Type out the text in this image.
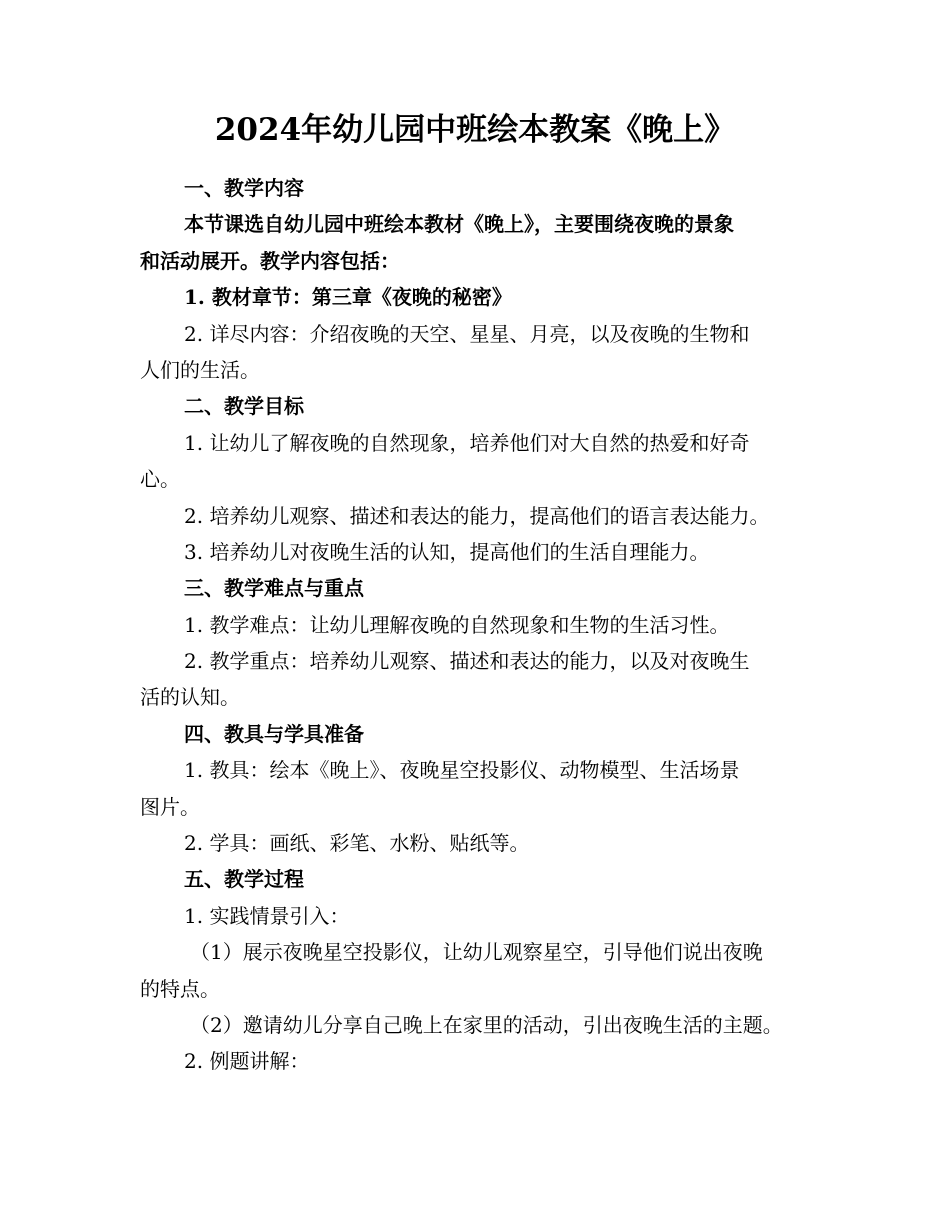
2024年幼儿园中班绘本教案《晚上》
一、教学内容
本节课选自幼儿园中班绘本教材《晚上》，主要围绕夜晚的景象
和活动展开。教学内容包括：
1. 教材章节：第三章《夜晚的秘密》
2. 详尽内容：介绍夜晚的天空、星星、月亮，以及夜晚的生物和
人们的生活。
二、教学目标
1. 让幼儿了解夜晚的自然现象，培养他们对大自然的热爱和好奇
心。
2. 培养幼儿观察、描述和表达的能力，提高他们的语言表达能力。
3. 培养幼儿对夜晚生活的认知，提高他们的生活自理能力。
三、教学难点与重点
1. 教学难点：让幼儿理解夜晚的自然现象和生物的生活习性。
2. 教学重点：培养幼儿观察、描述和表达的能力，以及对夜晚生
活的认知。
四、教具与学具准备
1. 教具：绘本《晚上》、夜晚星空投影仪、动物模型、生活场景
图片。
2. 学具：画纸、彩笔、水粉、贴纸等。
五、教学过程
1. 实践情景引入：
（1）展示夜晚星空投影仪，让幼儿观察星空，引导他们说出夜晚
的特点。
（2）邀请幼儿分享自己晚上在家里的活动，引出夜晚生活的主题。
2. 例题讲解：
